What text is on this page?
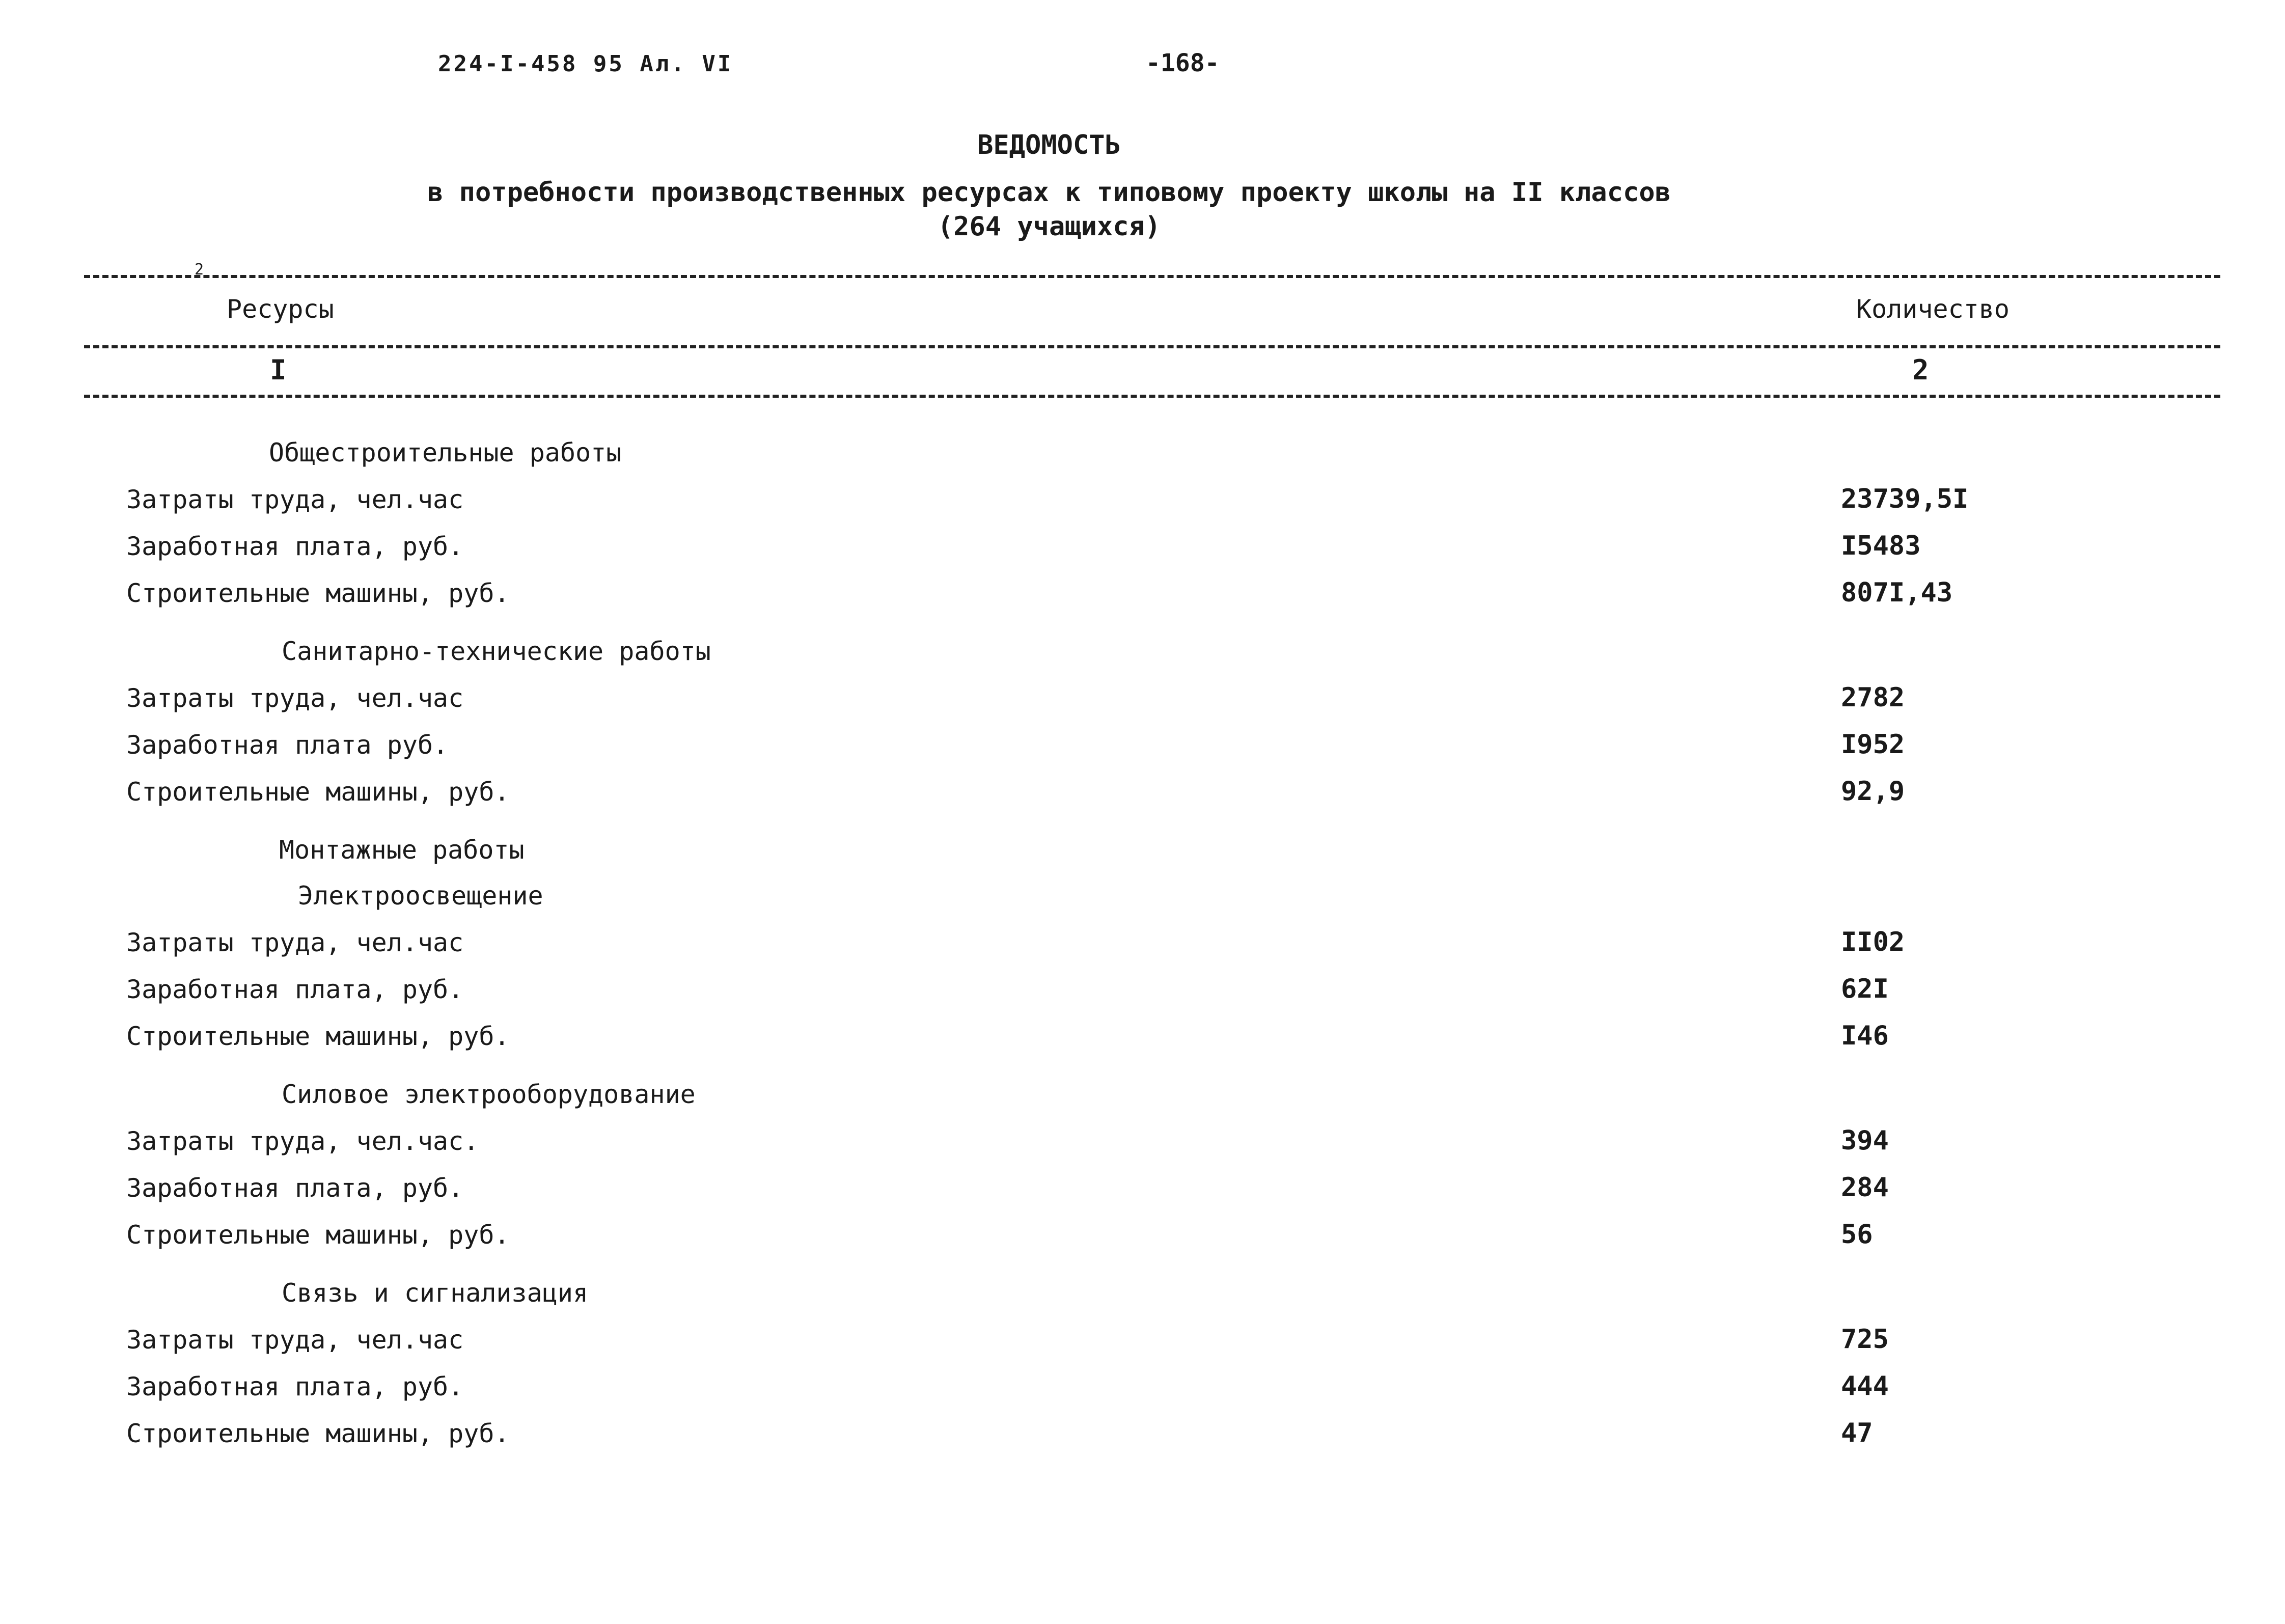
224-I-458 95 Ал. VI	-168-
ВЕДОМОСТЬ
в потребности производственных ресурсах к типовому проекту школы на II классов
(264 учащихся)
2
Ресурсы	Количество
I	2
Общестроительные работы
Затраты труда, чел.час	23739,5I
Заработная плата, руб.	I5483
Строительные машины, руб.	807I,43
Санитарно-технические работы
Затраты труда, чел.час	2782
Заработная плата руб.	I952
Строительные машины, руб.	92,9
Монтажные работы
Электроосвещение
Затраты труда, чел.час	II02
Заработная плата, руб.	62I
Строительные машины, руб.	I46
Силовое электрооборудование
Затраты труда, чел.час.	394
Заработная плата, руб.	284
Строительные машины, руб.	56
Связь и сигнализация
Затраты труда, чел.час	725
Заработная плата, руб.	444
Строительные машины, руб.	47
